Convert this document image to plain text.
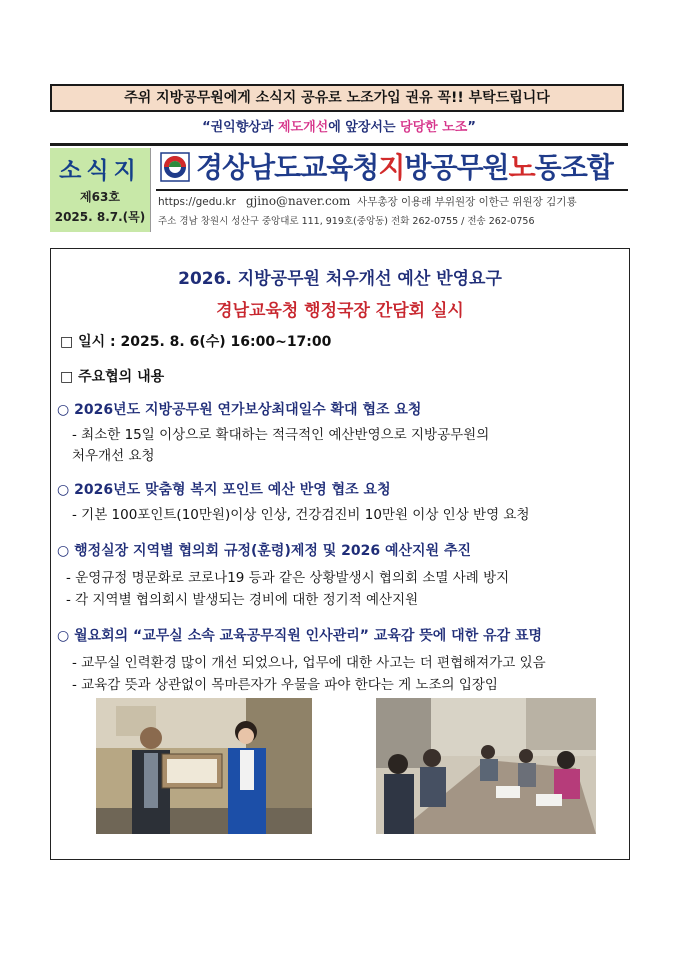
주위 지방공무원에게 소식지 공유로 노조가입 권유 꼭!! 부탁드립니다
“권익향상과 제도개선에 앞장서는 당당한 노조”
소식지
제63호
2025. 8.7.(목)
경상남도교육청지방공무원노동조합
https://gedu.kr gjino@naver.com 사무총장 이용래 부위원장 이한근 위원장 김기룡
주소 경남 창원시 성산구 중앙대로 111, 919호(중앙동) 전화 262-0755 / 전송 262-0756
2026. 지방공무원 처우개선 예산 반영요구
경남교육청 행정국장 간담회 실시
□ 일시 : 2025. 8. 6(수) 16:00~17:00
□ 주요협의 내용
○ 2026년도 지방공무원 연가보상최대일수 확대 협조 요청
- 최소한 15일 이상으로 확대하는 적극적인 예산반영으로 지방공무원의
처우개선 요청
○ 2026년도 맞춤형 복지 포인트 예산 반영 협조 요청
- 기본 100포인트(10만원)이상 인상, 건강검진비 10만원 이상 인상 반영 요청
○ 행정실장 지역별 협의회 규정(훈령)제정 및 2026 예산지원 추진
- 운영규정 명문화로 코로나19 등과 같은 상황발생시 협의회 소멸 사례 방지
- 각 지역별 협의회시 발생되는 경비에 대한 정기적 예산지원
○ 월요회의 “교무실 소속 교육공무직원 인사관리” 교육감 뜻에 대한 유감 표명
- 교무실 인력환경 많이 개선 되었으나, 업무에 대한 사고는 더 편협해져가고 있음
- 교육감 뜻과 상관없이 목마른자가 우물을 파야 한다는 게 노조의 입장임
